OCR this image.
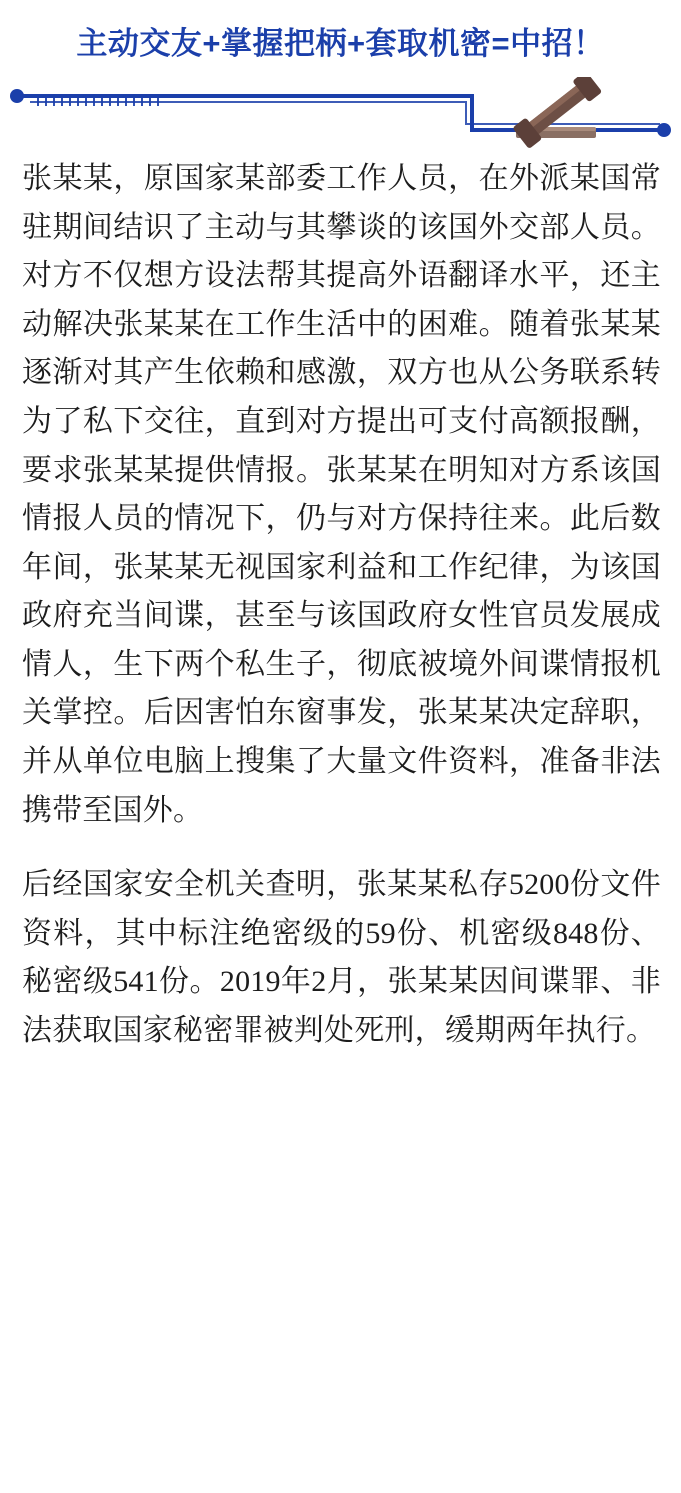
主动交友+掌握把柄+套取机密=中招！

张某某，原国家某部委工作人员，在外派某国常驻期间结识了主动与其攀谈的该国外交部人员。对方不仅想方设法帮其提高外语翻译水平，还主动解决张某某在工作生活中的困难。随着张某某逐渐对其产生依赖和感激，双方也从公务联系转为了私下交往，直到对方提出可支付高额报酬，要求张某某提供情报。张某某在明知对方系该国情报人员的情况下，仍与对方保持往来。此后数年间，张某某无视国家利益和工作纪律，为该国政府充当间谍，甚至与该国政府女性官员发展成情人，生下两个私生子，彻底被境外间谍情报机关掌控。后因害怕东窗事发，张某某决定辞职，并从单位电脑上搜集了大量文件资料，准备非法携带至国外。

后经国家安全机关查明，张某某私存5200份文件资料，其中标注绝密级的59份、机密级848份、秘密级541份。2019年2月，张某某因间谍罪、非法获取国家秘密罪被判处死刑，缓期两年执行。
